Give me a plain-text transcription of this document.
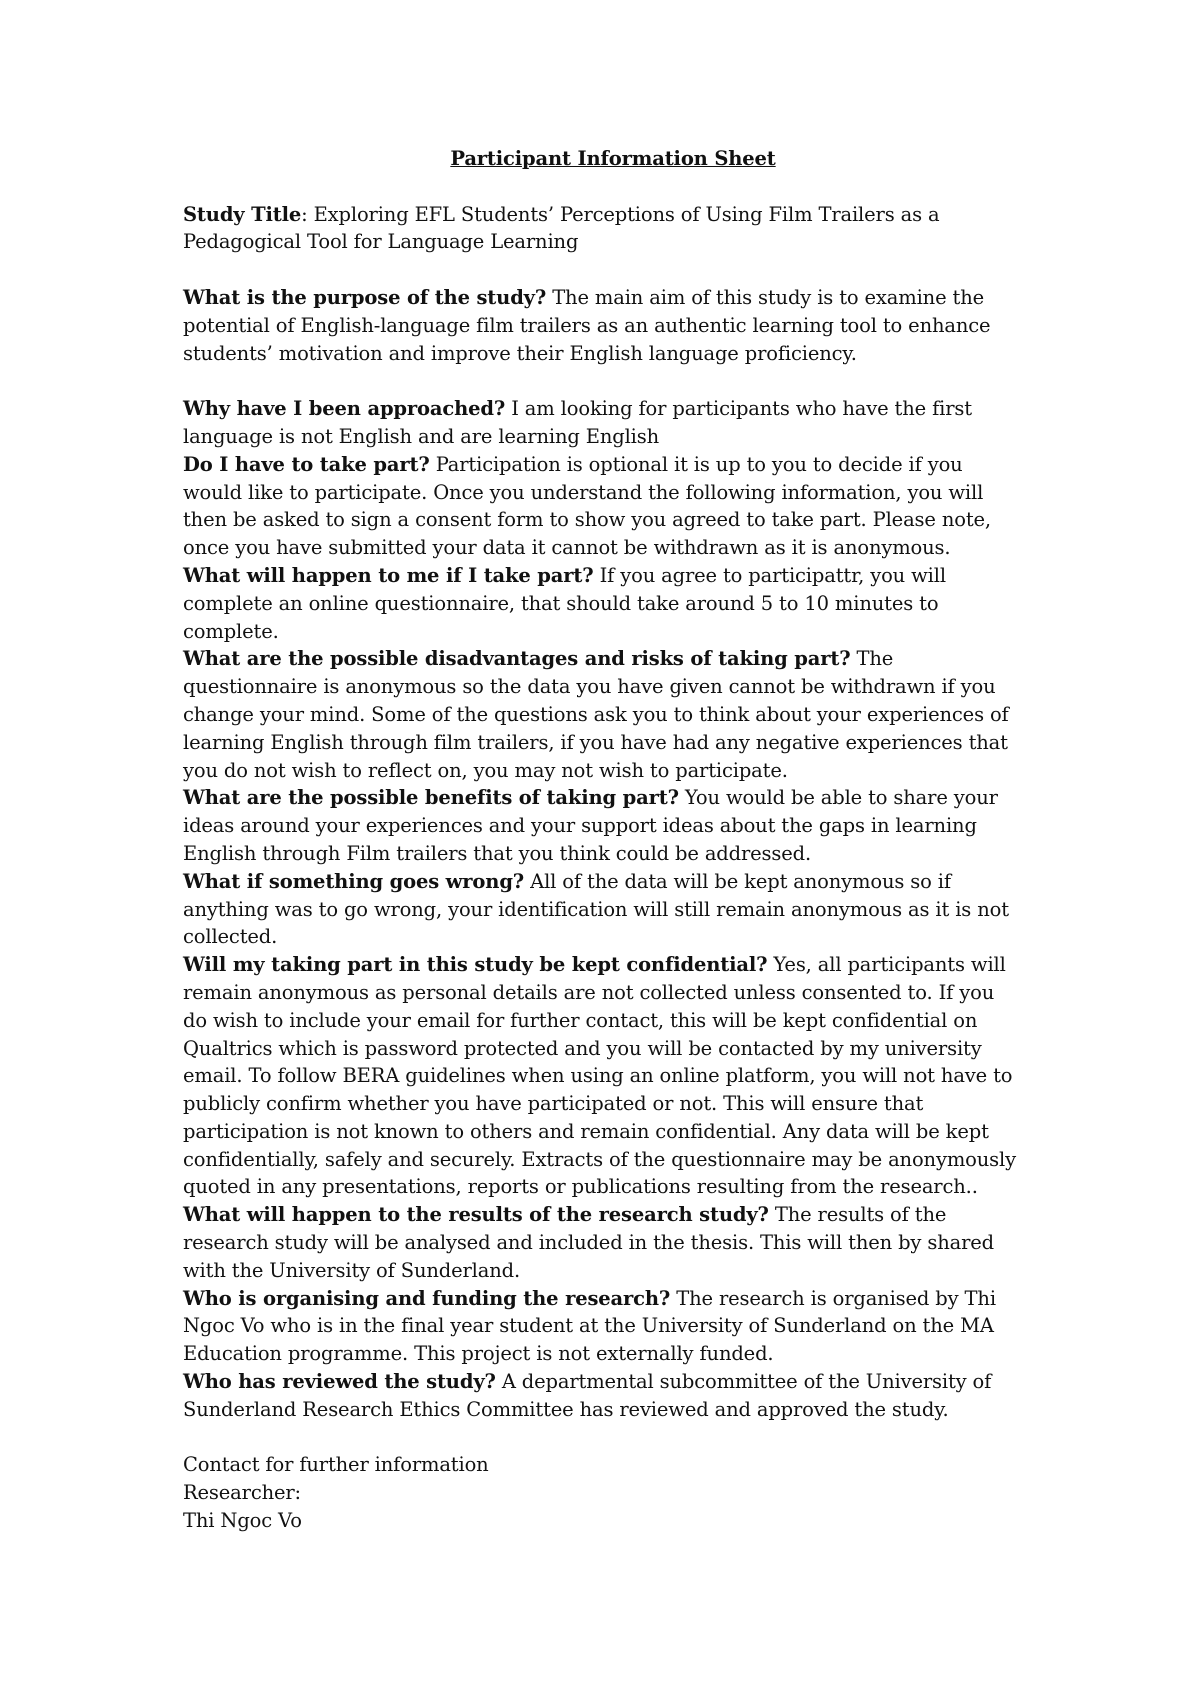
Participant Information Sheet

Study Title: Exploring EFL Students’ Perceptions of Using Film Trailers as a Pedagogical Tool for Language Learning

What is the purpose of the study? The main aim of this study is to examine the potential of English-language film trailers as an authentic learning tool to enhance students’ motivation and improve their English language proficiency.

Why have I been approached? I am looking for participants who have the first language is not English and are learning English

Do I have to take part? Participation is optional it is up to you to decide if you would like to participate. Once you understand the following information, you will then be asked to sign a consent form to show you agreed to take part. Please note, once you have submitted your data it cannot be withdrawn as it is anonymous.

What will happen to me if I take part? If you agree to participattr, you will complete an online questionnaire, that should take around 5 to 10 minutes to complete.

What are the possible disadvantages and risks of taking part? The questionnaire is anonymous so the data you have given cannot be withdrawn if you change your mind. Some of the questions ask you to think about your experiences of learning English through film trailers, if you have had any negative experiences that you do not wish to reflect on, you may not wish to participate.

What are the possible benefits of taking part? You would be able to share your ideas around your experiences and your support ideas about the gaps in learning English through Film trailers that you think could be addressed.

What if something goes wrong? All of the data will be kept anonymous so if anything was to go wrong, your identification will still remain anonymous as it is not collected.

Will my taking part in this study be kept confidential? Yes, all participants will remain anonymous as personal details are not collected unless consented to. If you do wish to include your email for further contact, this will be kept confidential on Qualtrics which is password protected and you will be contacted by my university email. To follow BERA guidelines when using an online platform, you will not have to publicly confirm whether you have participated or not. This will ensure that participation is not known to others and remain confidential. Any data will be kept confidentially, safely and securely. Extracts of the questionnaire may be anonymously quoted in any presentations, reports or publications resulting from the research..

What will happen to the results of the research study? The results of the research study will be analysed and included in the thesis. This will then by shared with the University of Sunderland.

Who is organising and funding the research? The research is organised by Thi Ngoc Vo who is in the final year student at the University of Sunderland on the MA Education programme. This project is not externally funded.

Who has reviewed the study? A departmental subcommittee of the University of Sunderland Research Ethics Committee has reviewed and approved the study.

Contact for further information

Researcher:

Thi Ngoc Vo
